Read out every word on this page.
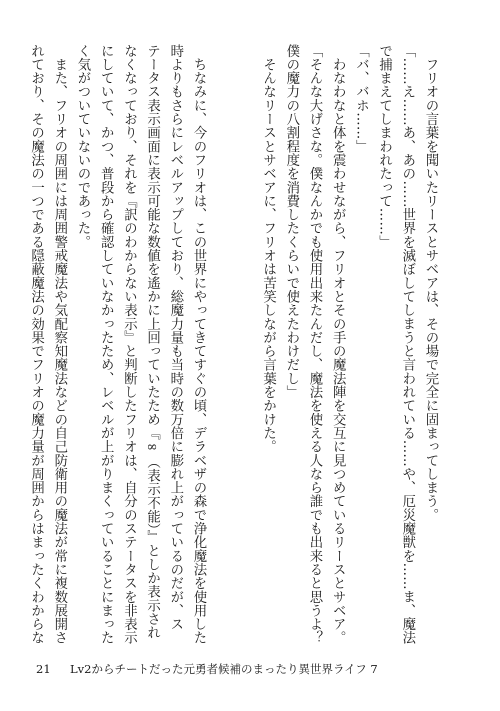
　フリオの言葉を聞いたリースとサベアは、その場で完全に固まってしまう。
「……え……あ、あの……世界を滅ぼしてしまうと言われている……や、厄災魔獣を……ま、魔法
で捕まえてしまわれたって……」
「バ、バホ……」
　わなわなと体を震わせながら、フリオとその手の魔法陣を交互に見つめているリースとサベア。
「そんな大げさな。僕なんかでも使用出来たんだし、魔法を使える人なら誰でも出来ると思うよ？
僕の魔力の八割程度を消費したくらいで使えたわけだし」
　そんなリースとサベアに、フリオは苦笑しながら言葉をかけた。
　ちなみに、今のフリオは、この世界にやってきてすぐの頃、デラベザの森で浄化魔法を使用した
時よりもさらにレベルアップしており、総魔力量も当時の数万倍に膨れ上がっているのだが、ス
テータス表示画面に表示可能な数値を遙かに上回っていたため『∞（表示不能）』としか表示され
なくなっており、それを『訳のわからない表示』と判断したフリオは、自分のステータスを非表示
にしていて、かつ、普段から確認していなかったため、レベルが上がりまくっていることにまった
く気がついていないのであった。
　また、フリオの周囲には周囲警戒魔法や気配察知魔法などの自己防衛用の魔法が常に複数展開さ
れており、その魔法の一つである隠蔽魔法の効果でフリオの魔力量が周囲からはまったくわからな
21 Lv2からチートだった元勇者候補のまったり異世界ライフ 7
